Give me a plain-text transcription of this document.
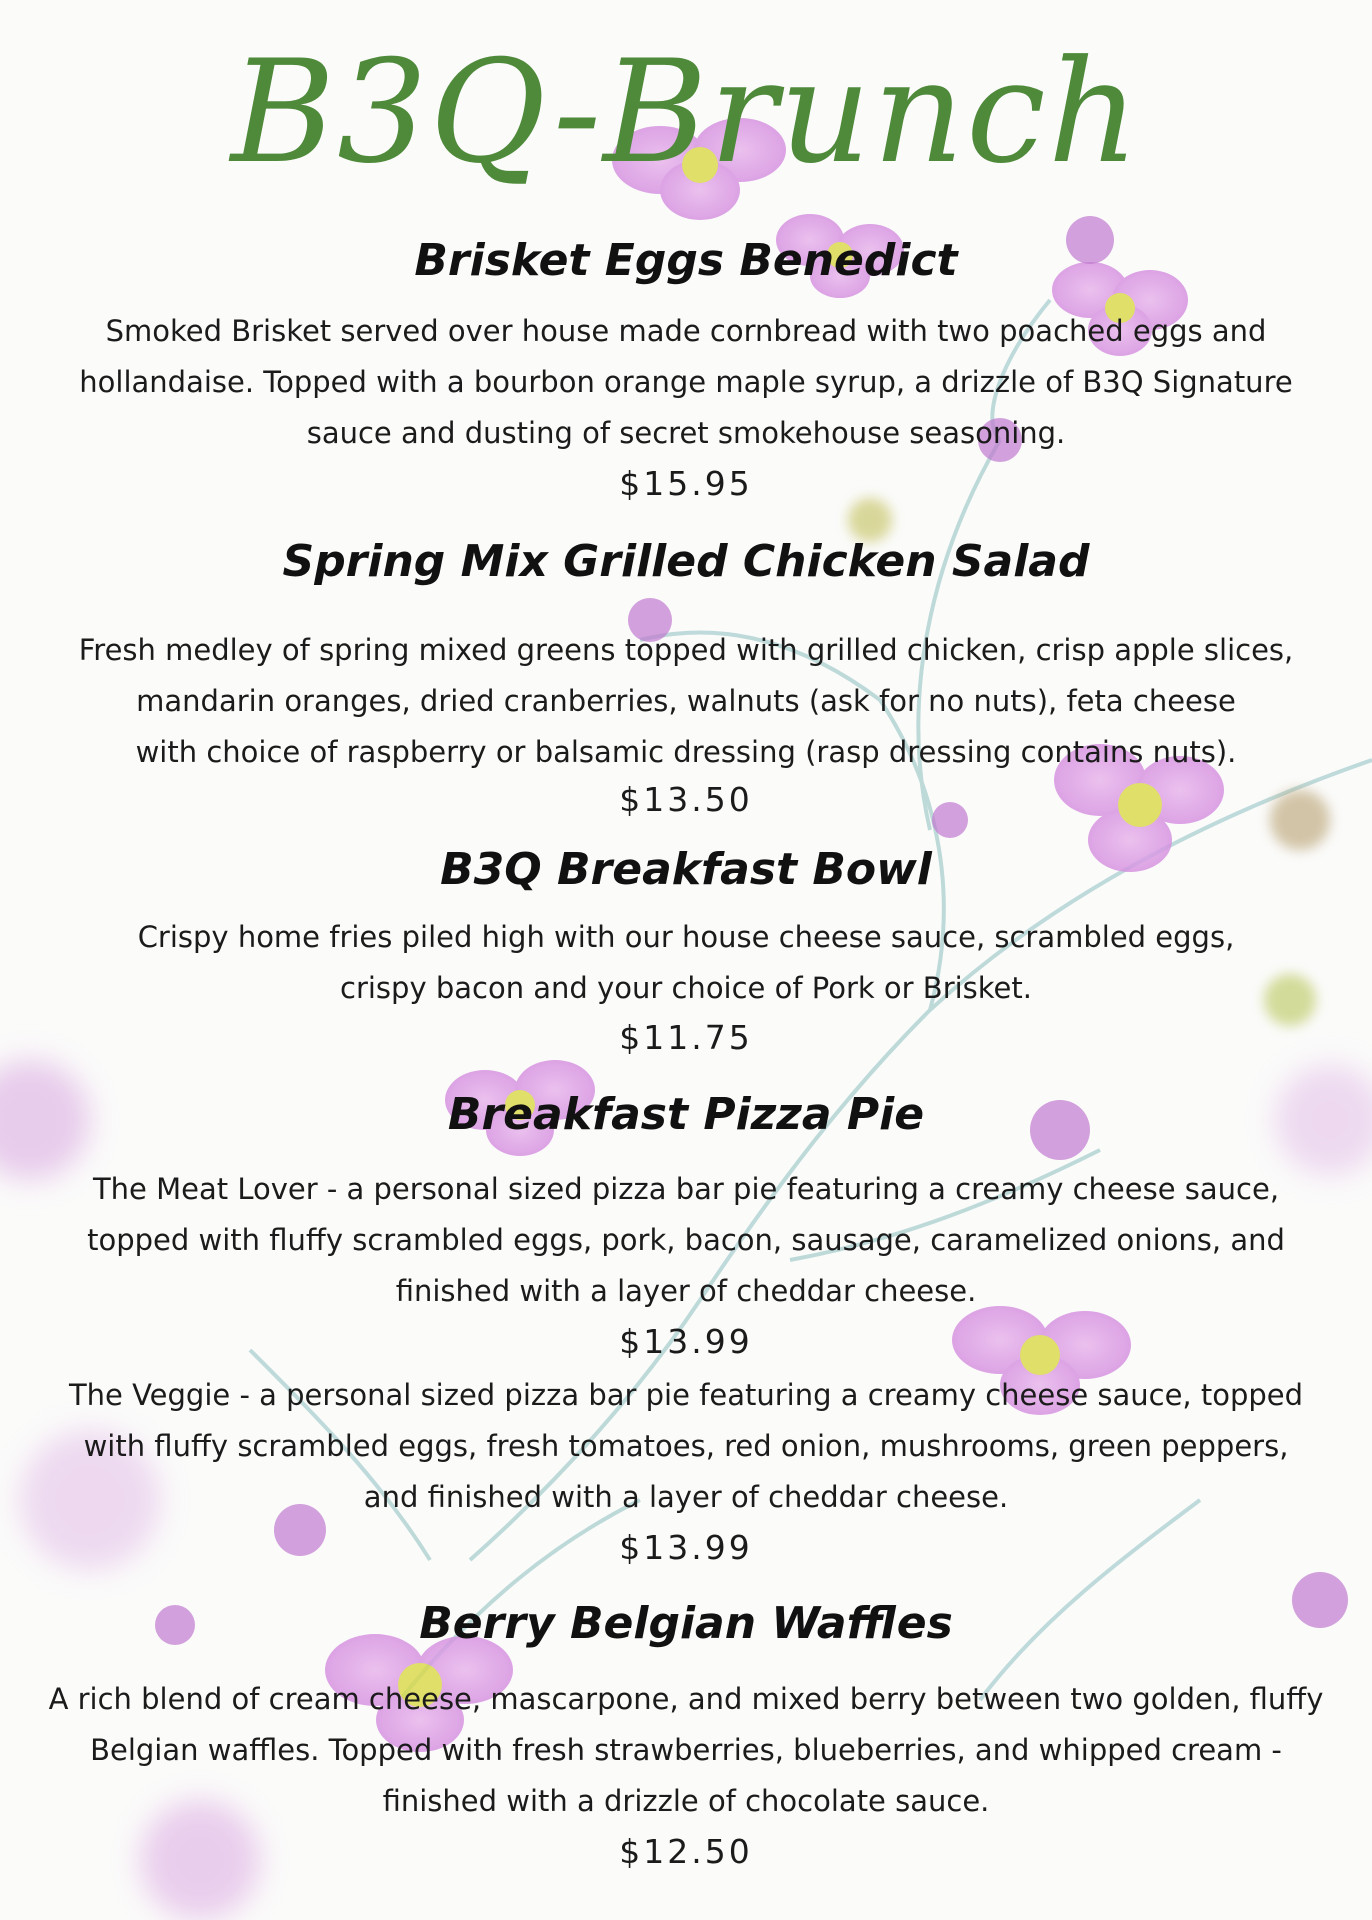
B3Q-Brunch
Brisket Eggs Benedict
Smoked Brisket served over house made cornbread with two poached eggs and
hollandaise. Topped with a bourbon orange maple syrup, a drizzle of B3Q Signature
sauce and dusting of secret smokehouse seasoning.
$15.95
Spring Mix Grilled Chicken Salad
Fresh medley of spring mixed greens topped with grilled chicken, crisp apple slices,
mandarin oranges, dried cranberries, walnuts (ask for no nuts), feta cheese
with choice of raspberry or balsamic dressing (rasp dressing contains nuts).
$13.50
B3Q Breakfast Bowl
Crispy home fries piled high with our house cheese sauce, scrambled eggs,
crispy bacon and your choice of Pork or Brisket.
$11.75
Breakfast Pizza Pie
The Meat Lover - a personal sized pizza bar pie featuring a creamy cheese sauce,
topped with fluffy scrambled eggs, pork, bacon, sausage, caramelized onions, and
finished with a layer of cheddar cheese.
$13.99
The Veggie - a personal sized pizza bar pie featuring a creamy cheese sauce, topped
with fluffy scrambled eggs, fresh tomatoes, red onion, mushrooms, green peppers,
and finished with a layer of cheddar cheese.
$13.99
Berry Belgian Waffles
A rich blend of cream cheese, mascarpone, and mixed berry between two golden, fluffy
Belgian waffles. Topped with fresh strawberries, blueberries, and whipped cream -
finished with a drizzle of chocolate sauce.
$12.50
